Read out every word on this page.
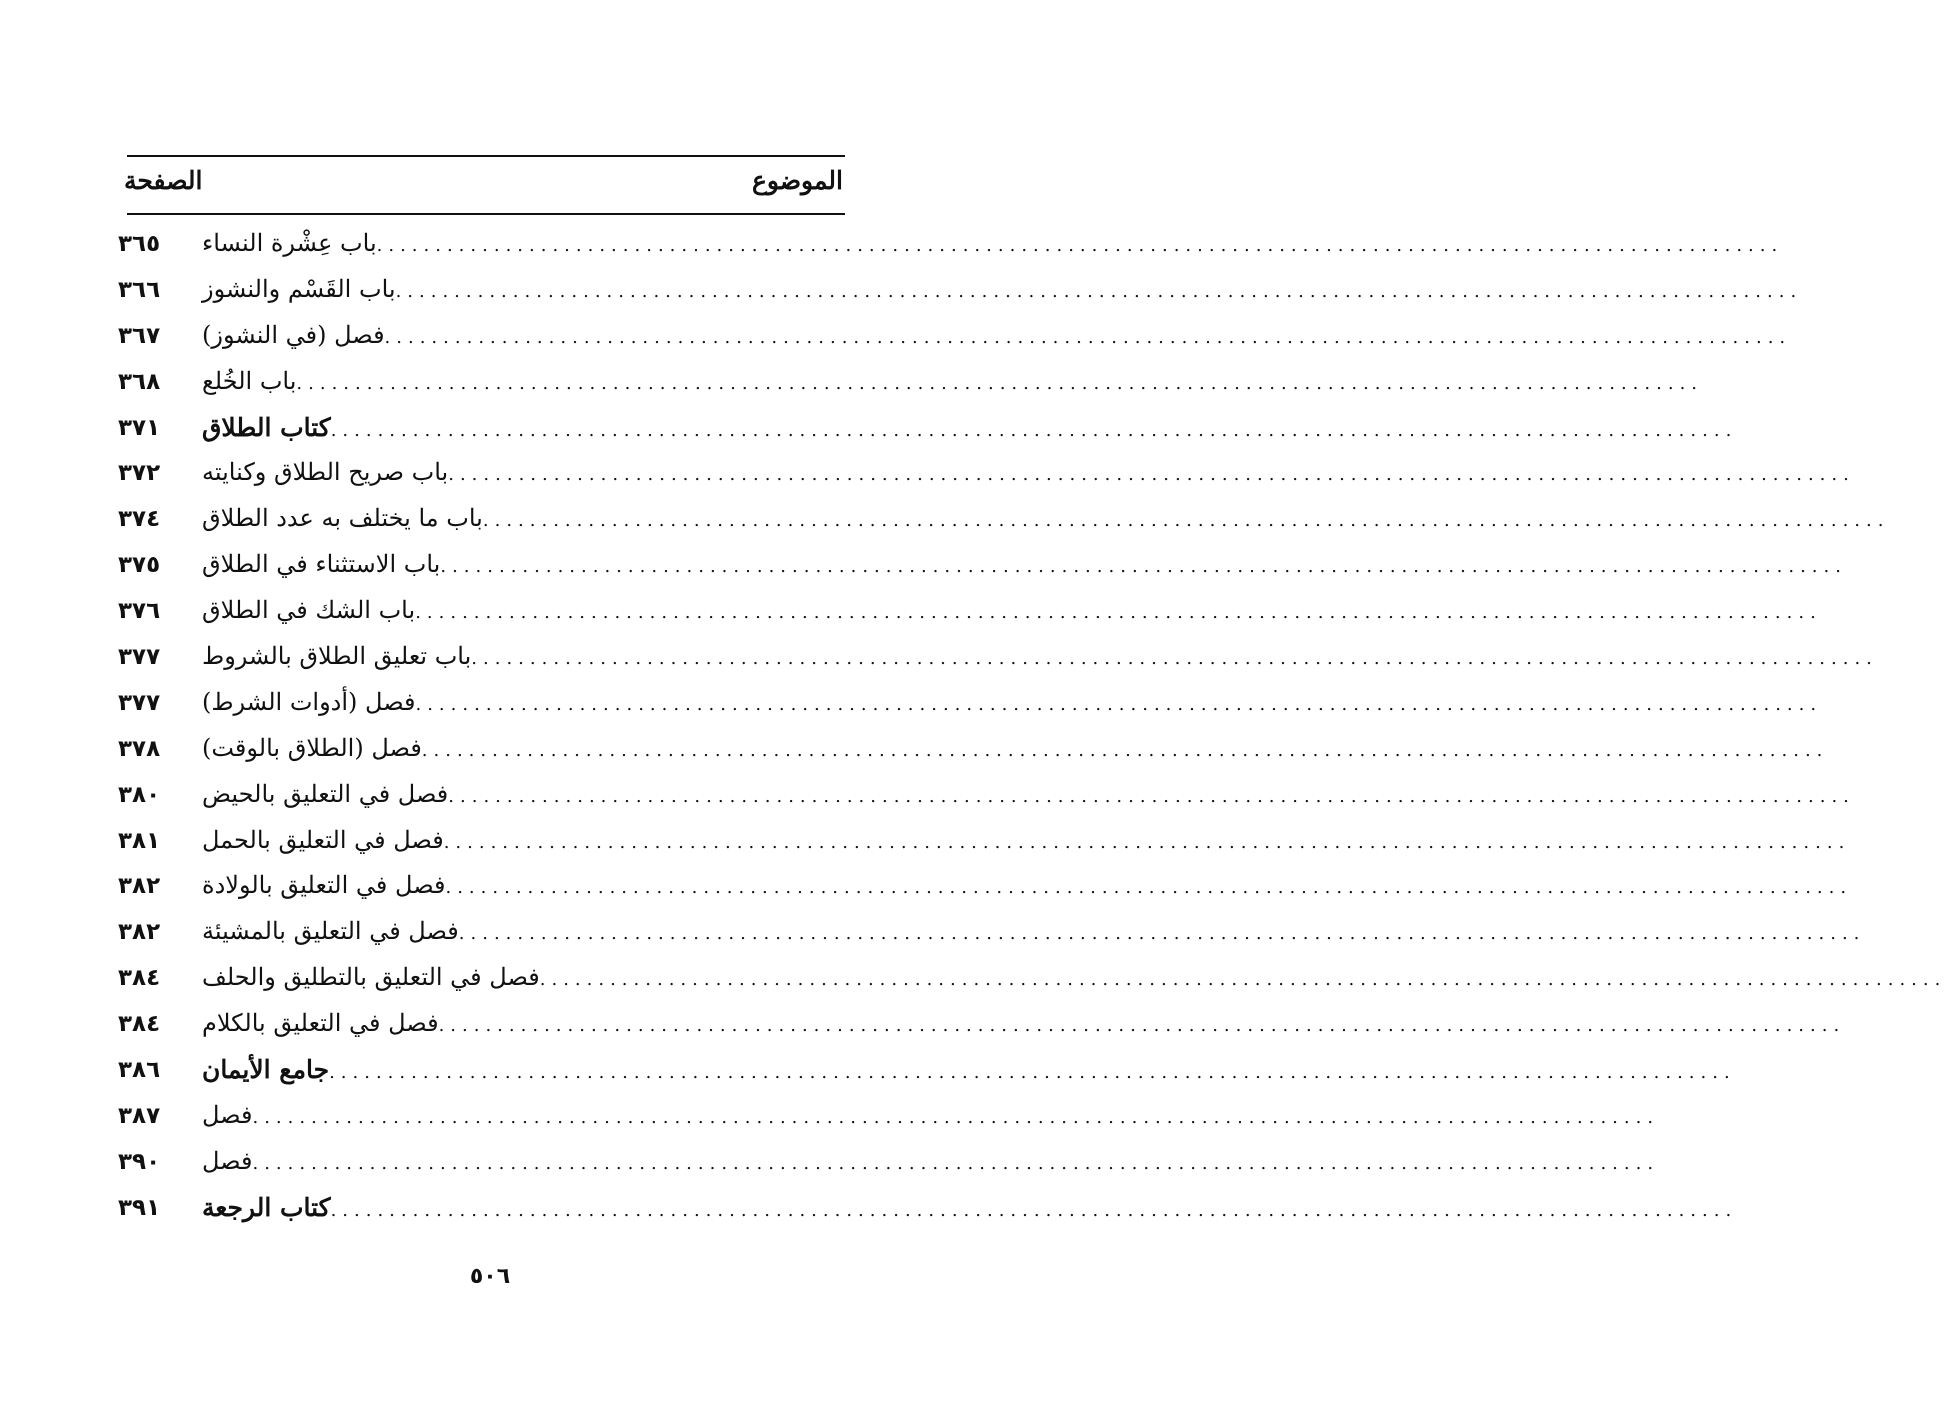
الموضوع
الصفحة
باب عِشْرة النساء ........................................................................................................................
٣٦٥
باب القَسْم والنشوز ........................................................................................................................
٣٦٦
فصل (في النشوز) ........................................................................................................................
٣٦٧
باب الخُلع ........................................................................................................................
٣٦٨
كتاب الطلاق ........................................................................................................................
٣٧١
باب صريح الطلاق وكنايته ........................................................................................................................
٣٧٢
باب ما يختلف به عدد الطلاق ........................................................................................................................
٣٧٤
باب الاستثناء في الطلاق ........................................................................................................................
٣٧٥
باب الشك في الطلاق ........................................................................................................................
٣٧٦
باب تعليق الطلاق بالشروط ........................................................................................................................
٣٧٧
فصل (أدوات الشرط) ........................................................................................................................
٣٧٧
فصل (الطلاق بالوقت) ........................................................................................................................
٣٧٨
فصل في التعليق بالحيض ........................................................................................................................
٣٨٠
فصل في التعليق بالحمل ........................................................................................................................
٣٨١
فصل في التعليق بالولادة ........................................................................................................................
٣٨٢
فصل في التعليق بالمشيئة ........................................................................................................................
٣٨٢
فصل في التعليق بالتطليق والحلف ........................................................................................................................
٣٨٤
فصل في التعليق بالكلام ........................................................................................................................
٣٨٤
جامع الأيمان ........................................................................................................................
٣٨٦
فصل ........................................................................................................................
٣٨٧
فصل ........................................................................................................................
٣٩٠
كتاب الرجعة ........................................................................................................................
٣٩١
٥٠٦
